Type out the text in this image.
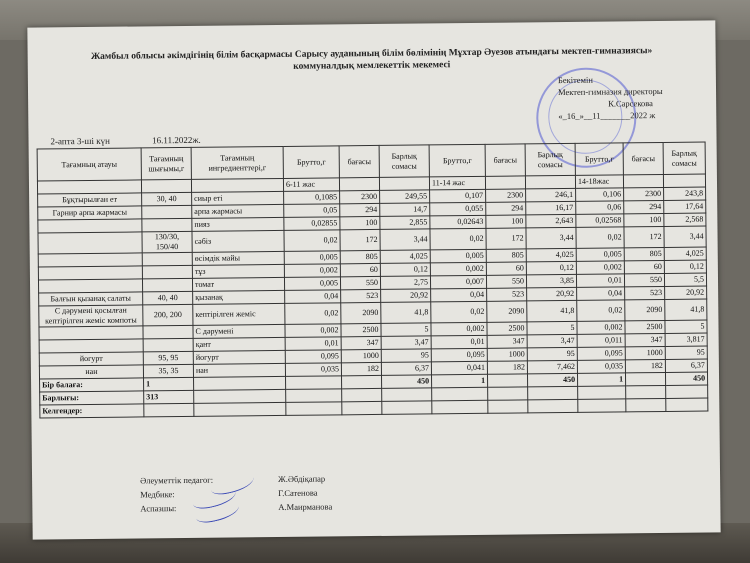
Жамбыл облысы әкімдігінің білім басқармасы Сарысу ауданының білім бөлімінің Мұхтар Әуезов атындағы мектеп-гимназиясы»
коммуналдық мемлекеттік мекемесі
Бекітемін
Мектеп-гимназия директоры
К.Сарсекова
«_16_»__11_______2022 ж
2-апта 3-ші күн	16.11.2022ж.
Тағамның атауы	Тағамның шығымы,г	Тағамның ингредиенттері,г	Брутто,г	бағасы	Барлық сомасы	Брутто,г	бағасы	Барлық сомасы	Брутто,г	бағасы	Барлық сомасы
			6-11 жас			11-14 жас			14-18жас		
Бұқтырылған ет	30, 40	сиыр еті	0,1085	2300	249,55	0,107	2300	246,1	0,106	2300	243,8
Гарнир арпа жармасы		арпа жармасы	0,05	294	14,7	0,055	294	16,17	0,06	294	17,64
		пияз	0,02855	100	2,855	0,02643	100	2,643	0,02568	100	2,568
	130/30, 150/40	сәбіз	0,02	172	3,44	0,02	172	3,44	0,02	172	3,44
		өсімдік майы	0,005	805	4,025	0,005	805	4,025	0,005	805	4,025
		тұз	0,002	60	0,12	0,002	60	0,12	0,002	60	0,12
		томат	0,005	550	2,75	0,007	550	3,85	0,01	550	5,5
Балғын қызанақ салаты	40, 40	қызанақ	0,04	523	20,92	0,04	523	20,92	0,04	523	20,92
С дәрумені қосылған кептірілген жеміс компоты	200, 200	кептірілген жеміс	0,02	2090	41,8	0,02	2090	41,8	0,02	2090	41,8
		С дәрумені	0,002	2500	5	0,002	2500	5	0,002	2500	5
		қант	0,01	347	3,47	0,01	347	3,47	0,011	347	3,817
йогурт	95, 95	йогурт	0,095	1000	95	0,095	1000	95	0,095	1000	95
нан	35, 35	нан	0,035	182	6,37	0,041	182	7,462	0,035	182	6,37
Бір балаға:	1				450	1		450	1		450
Барлығы:	313										
Келгендер:											
Әлеуметтік педагог:	Ж.Әбдіқапар
Медбике:	Г.Сатенова
Аспазшы:	А.Маирманова
